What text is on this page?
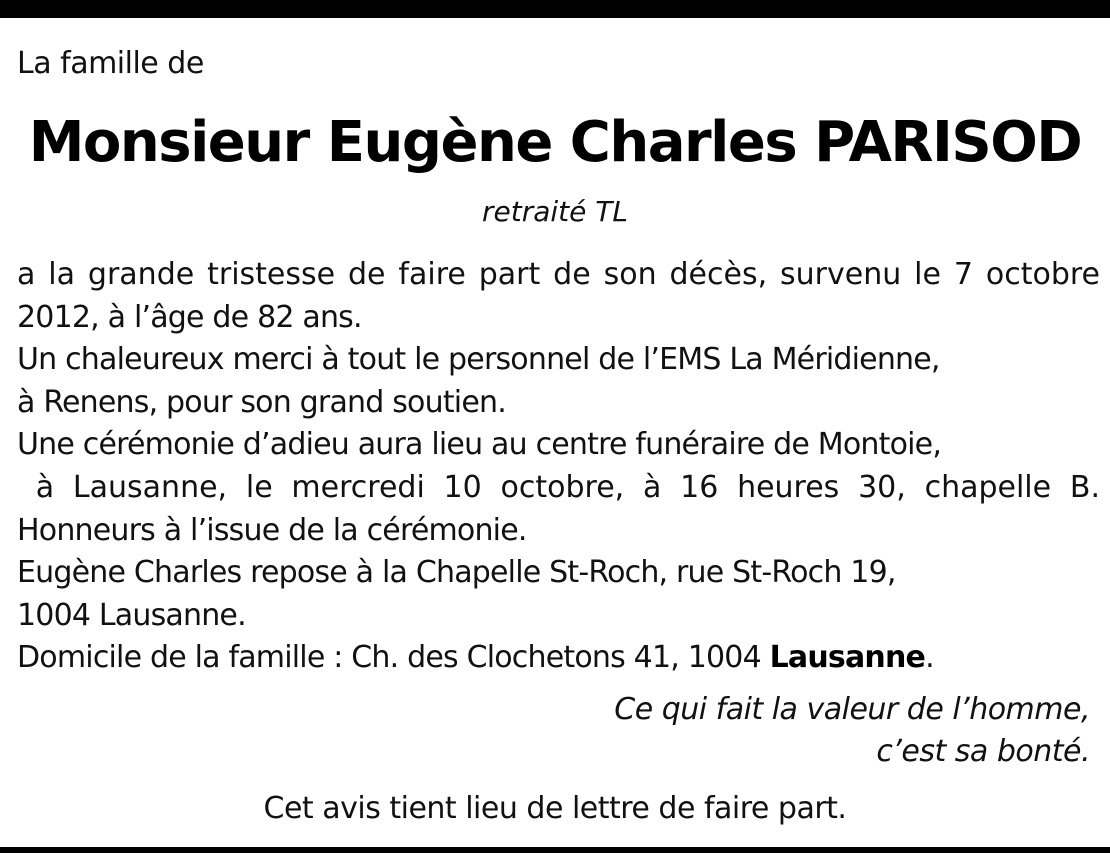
La famille de
Monsieur Eugène Charles PARISOD
retraité TL
a la grande tristesse de faire part de son décès, survenu le 7 octobre
2012, à l’âge de 82 ans.
Un chaleureux merci à tout le personnel de l’EMS La Méridienne,
à Renens, pour son grand soutien.
Une cérémonie d’adieu aura lieu au centre funéraire de Montoie,
à Lausanne, le mercredi 10 octobre, à 16 heures 30, chapelle B.
Honneurs à l’issue de la cérémonie.
Eugène Charles repose à la Chapelle St-Roch, rue St-Roch 19,
1004 Lausanne.
Domicile de la famille : Ch. des Clochetons 41, 1004 Lausanne.
Ce qui fait la valeur de l’homme,
c’est sa bonté.
Cet avis tient lieu de lettre de faire part.
